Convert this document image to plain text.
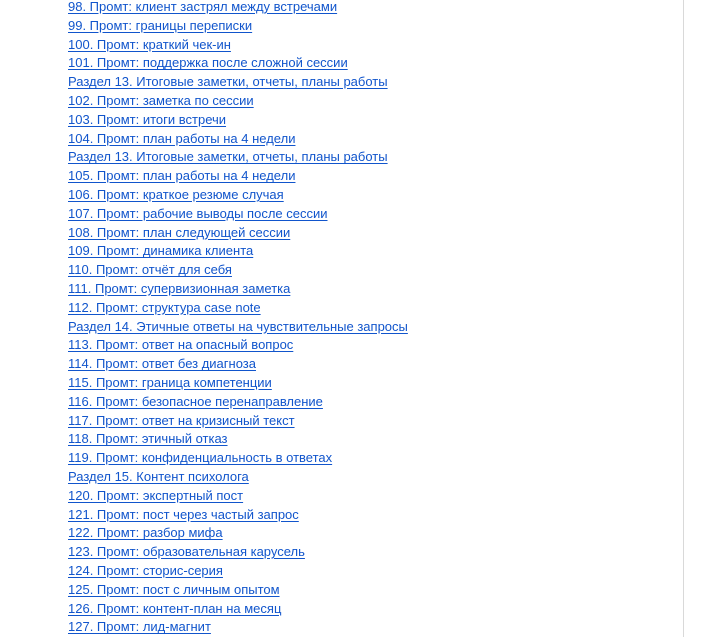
98. Промт: клиент застрял между встречами
99. Промт: границы переписки
100. Промт: краткий чек-ин
101. Промт: поддержка после сложной сессии
Раздел 13. Итоговые заметки, отчеты, планы работы
102. Промт: заметка по сессии
103. Промт: итоги встречи
104. Промт: план работы на 4 недели
Раздел 13. Итоговые заметки, отчеты, планы работы
105. Промт: план работы на 4 недели
106. Промт: краткое резюме случая
107. Промт: рабочие выводы после сессии
108. Промт: план следующей сессии
109. Промт: динамика клиента
110. Промт: отчёт для себя
111. Промт: супервизионная заметка
112. Промт: структура case note
Раздел 14. Этичные ответы на чувствительные запросы
113. Промт: ответ на опасный вопрос
114. Промт: ответ без диагноза
115. Промт: граница компетенции
116. Промт: безопасное перенаправление
117. Промт: ответ на кризисный текст
118. Промт: этичный отказ
119. Промт: конфиденциальность в ответах
Раздел 15. Контент психолога
120. Промт: экспертный пост
121. Промт: пост через частый запрос
122. Промт: разбор мифа
123. Промт: образовательная карусель
124. Промт: сторис-серия
125. Промт: пост с личным опытом
126. Промт: контент-план на месяц
127. Промт: лид-магнит
